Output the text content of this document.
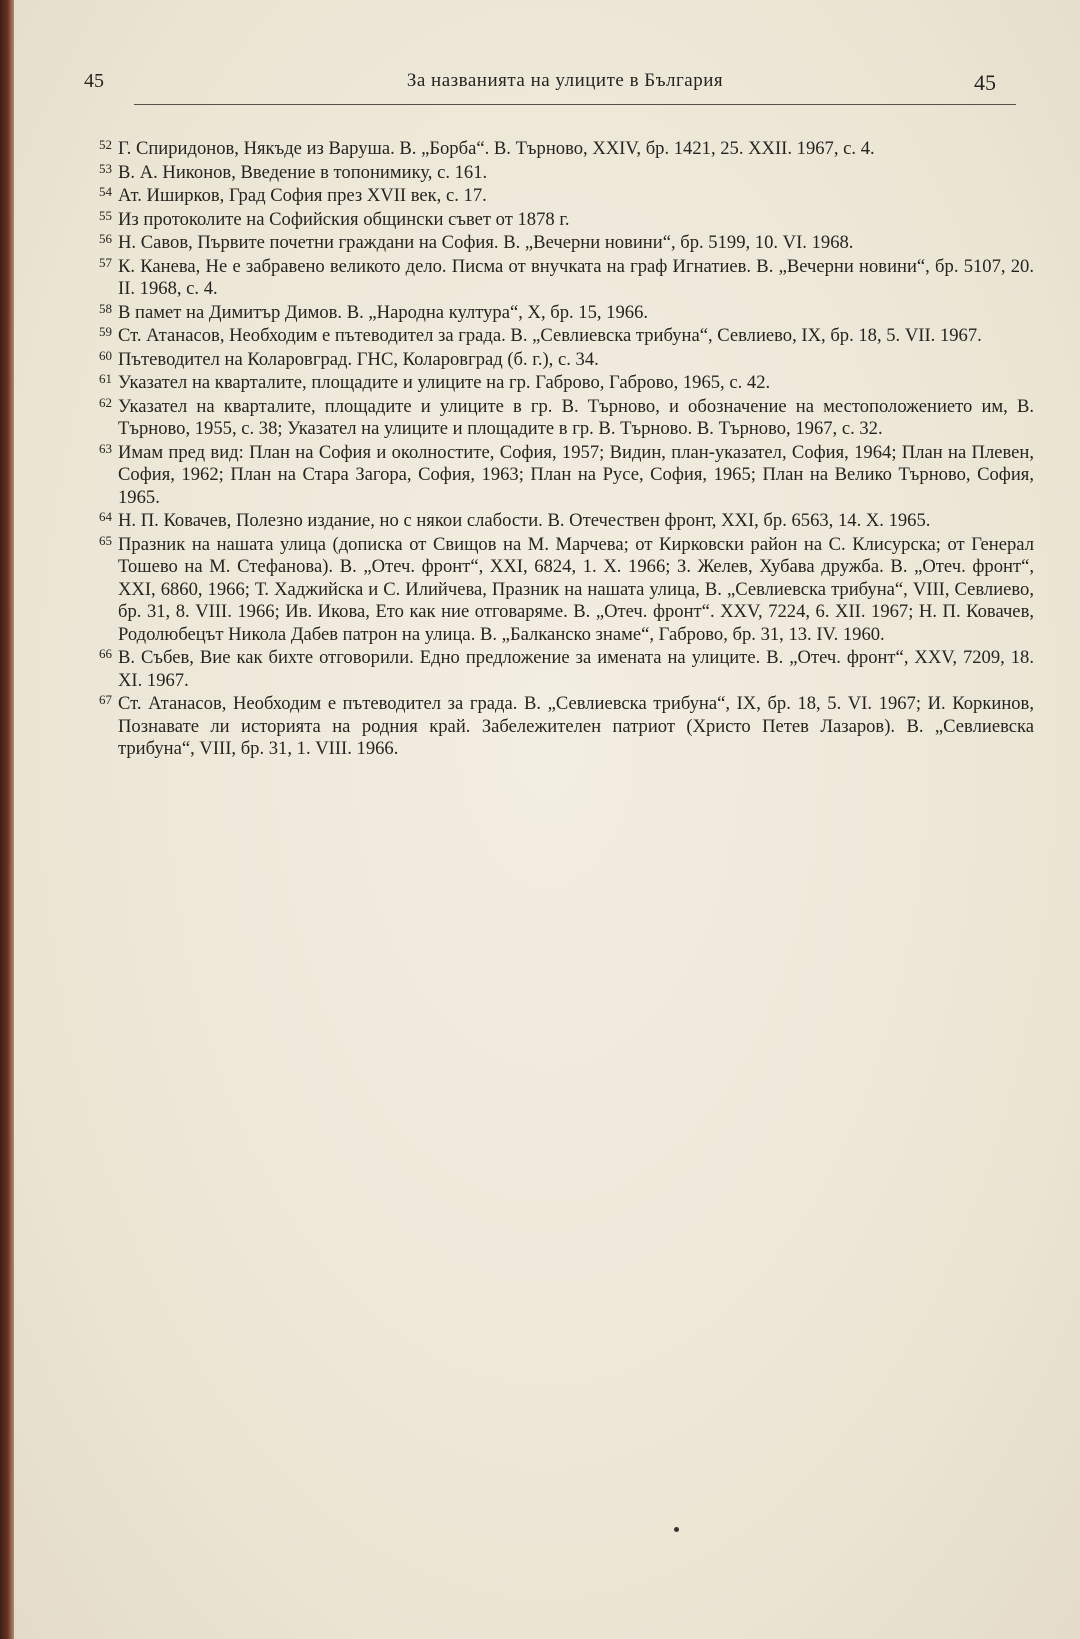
45	За названията на улиците в България	45
52 Г. Спиридонов, Някъде из Варуша. В. „Борба“. В. Търново, XXIV, бр. 1421, 25. XXII. 1967, с. 4.
53 В. А. Никонов, Введение в топонимику, с. 161.
54 Ат. Иширков, Град София през XVII век, с. 17.
55 Из протоколите на Софийския общински съвет от 1878 г.
56 Н. Савов, Първите почетни граждани на София. В. „Вечерни новини“, бр. 5199, 10. VI. 1968.
57 К. Канева, Не е забравено великото дело. Писма от внучката на граф Игнатиев. В. „Вечерни новини“, бр. 5107, 20. II. 1968, с. 4.
58 В памет на Димитър Димов. В. „Народна култура“, X, бр. 15, 1966.
59 Ст. Атанасов, Необходим е пътеводител за града. В. „Севлиевска трибуна“, Севлиево, IX, бр. 18, 5. VII. 1967.
60 Пътеводител на Коларовград. ГНС, Коларовград (б. г.), с. 34.
61 Указател на кварталите, площадите и улиците на гр. Габрово, Габрово, 1965, с. 42.
62 Указател на кварталите, площадите и улиците в гр. В. Търново, и обозначение на местоположението им, В. Търново, 1955, с. 38; Указател на улиците и площадите в гр. В. Търново. В. Търново, 1967, с. 32.
63 Имам пред вид: План на София и околностите, София, 1957; Видин, план-указател, София, 1964; План на Плевен, София, 1962; План на Стара Загора, София, 1963; План на Русе, София, 1965; План на Велико Търново, София, 1965.
64 Н. П. Ковачев, Полезно издание, но с някои слабости. В. Отечествен фронт, XXI, бр. 6563, 14. X. 1965.
65 Празник на нашата улица (дописка от Свищов на М. Марчева; от Кирковски район на С. Клисурска; от Генерал Тошево на М. Стефанова). В. „Отеч. фронт“, XXI, 6824, 1. X. 1966; З. Желев, Хубава дружба. В. „Отеч. фронт“, XXI, 6860, 1966; Т. Хаджийска и С. Илийчева, Празник на нашата улица, В. „Севлиевска трибуна“, VIII, Севлиево, бр. 31, 8. VIII. 1966; Ив. Икова, Ето как ние отговаряме. В. „Отеч. фронт“. XXV, 7224, 6. XII. 1967; Н. П. Ковачев, Родолюбецът Никола Дабев патрон на улица. В. „Балканско знаме“, Габрово, бр. 31, 13. IV. 1960.
66 В. Събев, Вие как бихте отговорили. Едно предложение за имената на улиците. В. „Отеч. фронт“, XXV, 7209, 18. XI. 1967.
67 Ст. Атанасов, Необходим е пътеводител за града. В. „Севлиевска трибуна“, IX, бр. 18, 5. VI. 1967; И. Коркинов, Познавате ли историята на родния край. Забележителен патриот (Христо Петев Лазаров). В. „Севлиевска трибуна“, VIII, бр. 31, 1. VIII. 1966.
